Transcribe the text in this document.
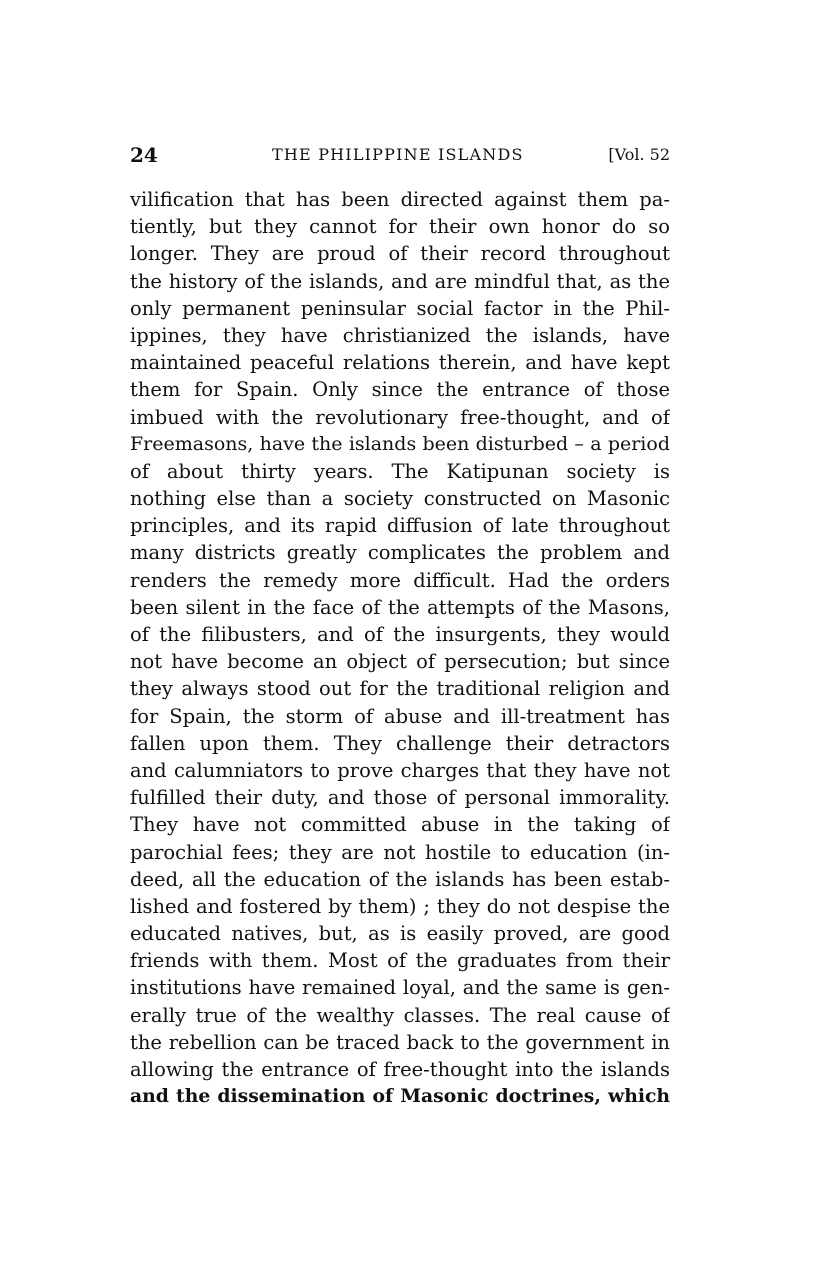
24	THE PHILIPPINE ISLANDS	[Vol. 52
vilification that has been directed against them pa-
tiently, but they cannot for their own honor do so
longer. They are proud of their record throughout
the history of the islands, and are mindful that, as the
only permanent peninsular social factor in the Phil-
ippines, they have christianized the islands, have
maintained peaceful relations therein, and have kept
them for Spain. Only since the entrance of those
imbued with the revolutionary free-thought, and of
Freemasons, have the islands been disturbed – a period
of about thirty years. The Katipunan society is
nothing else than a society constructed on Masonic
principles, and its rapid diffusion of late throughout
many districts greatly complicates the problem and
renders the remedy more difficult. Had the orders
been silent in the face of the attempts of the Masons,
of the filibusters, and of the insurgents, they would
not have become an object of persecution; but since
they always stood out for the traditional religion and
for Spain, the storm of abuse and ill-treatment has
fallen upon them. They challenge their detractors
and calumniators to prove charges that they have not
fulfilled their duty, and those of personal immorality.
They have not committed abuse in the taking of
parochial fees; they are not hostile to education (in-
deed, all the education of the islands has been estab-
lished and fostered by them) ; they do not despise the
educated natives, but, as is easily proved, are good
friends with them. Most of the graduates from their
institutions have remained loyal, and the same is gen-
erally true of the wealthy classes. The real cause of
the rebellion can be traced back to the government in
allowing the entrance of free-thought into the islands
and the dissemination of Masonic doctrines, which
